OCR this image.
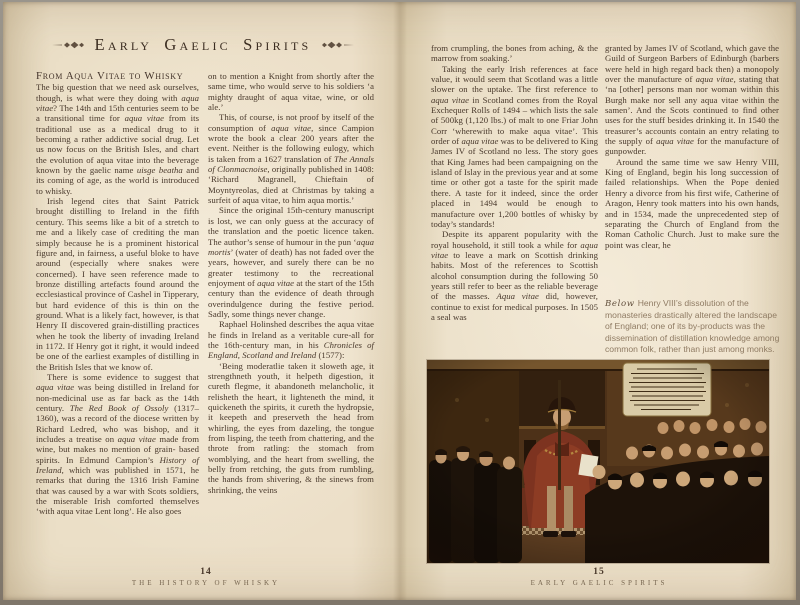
Early Gaelic Spirits
From Aqua Vitae to Whisky

The big question that we need ask ourselves, though, is what were they doing with aqua vitae? The 14th and 15th centuries seem to be a transitional time for aqua vitae from its traditional use as a medical drug to it becoming a rather addictive social drug. Let us now focus on the British Isles, and chart the evolution of aqua vitae into the beverage known by the gaelic name uisge beatha and its coming of age, as the world is introduced to whisky.

Irish legend cites that Saint Patrick brought distilling to Ireland in the fifth century. This seems like a bit of a stretch to me and a likely case of crediting the man simply because he is a prominent historical figure and, in fairness, a useful bloke to have around (especially where snakes were concerned). I have seen reference made to bronze distilling artefacts found around the ecclesiastical province of Cashel in Tipperary, but hard evidence of this is thin on the ground. What is a likely fact, however, is that Henry II discovered grain-distilling practices when he took the liberty of invading Ireland in 1172. If Henry got it right, it would indeed be one of the earliest examples of distilling in the British Isles that we know of.

There is some evidence to suggest that aqua vitae was being distilled in Ireland for non-medicinal use as far back as the 14th century. The Red Book of Ossoly (1317–1360), was a record of the diocese written by Richard Ledred, who was bishop, and it includes a treatise on aqua vitae made from wine, but makes no mention of grain- based spirits. In Edmund Campion’s History of Ireland, which was published in 1571, he remarks that during the 1316 Irish Famine that was caused by a war with Scots soldiers, the miserable Irish comforted themselves ‘with aqua vitae Lent long’. He also goes

on to mention a Knight from shortly after the same time, who would serve to his soldiers ‘a mighty draught of aqua vitae, wine, or old ale.’

This, of course, is not proof by itself of the consumption of aqua vitae, since Campion wrote the book a clear 200 years after the event. Neither is the following eulogy, which is taken from a 1627 translation of The Annals of Clonmacnoise, originally published in 1408: ‘Richard Magranell, Chieftain of Moyntyreolas, died at Christmas by taking a surfeit of aqua vitae, to him aqua mortis.’

Since the original 15th-century manuscript is lost, we can only guess at the accuracy of the translation and the poetic licence taken. The author’s sense of humour in the pun ‘aqua mortis’ (water of death) has not faded over the years, however, and surely there can be no greater testimony to the recreational enjoyment of aqua vitae at the start of the 15th century than the evidence of death through overindulgence during the festive period. Sadly, some things never change.

Raphael Holinshed describes the aqua vitae he finds in Ireland as a veritable cure-all for the 16th-century man, in his Chronicles of England, Scotland and Ireland (1577):

‘Being moderatlie taken it sloweth age, it strengthneth youth, it helpeth digestion, it cureth flegme, it abandoneth melancholic, it relisheth the heart, it lighteneth the mind, it quickeneth the spirits, it cureth the hydropsie, it keepeth and preserveth the head from whirling, the eyes from dazeling, the tongue from lisping, the teeth from chattering, and the throte from ratling: the stomach from womblying, and the heart from swelling, the belly from retching, the guts from rumbling, the hands from shivering, & the sinews from shrinking, the veins

14
THE HISTORY OF WHISKY

from crumpling, the bones from aching, & the marrow from soaking.’

Taking the early Irish references at face value, it would seem that Scotland was a little slower on the uptake. The first reference to aqua vitae in Scotland comes from the Royal Exchequer Rolls of 1494 – which lists the sale of 500kg (1,120 lbs.) of malt to one Friar John Corr ‘wherewith to make aqua vitae’. This order of aqua vitae was to be delivered to King James IV of Scotland no less. The story goes that King James had been campaigning on the island of Islay in the previous year and at some time or other got a taste for the spirit made there. A taste for it indeed, since the order placed in 1494 would be enough to manufacture over 1,200 bottles of whisky by today’s standards!

Despite its apparent popularity with the royal household, it still took a while for aqua vitae to leave a mark on Scottish drinking habits. Most of the references to Scottish alcohol consumption during the following 50 years still refer to beer as the reliable beverage of the masses. Aqua vitae did, however, continue to exist for medical purposes. In 1505 a seal was

granted by James IV of Scotland, which gave the Guild of Surgeon Barbers of Edinburgh (barbers were held in high regard back then) a monopoly over the manufacture of aqua vitae, stating that ‘na [other] persons man nor woman within this Burgh make nor sell any aqua vitae within the samen’. And the Scots continued to find other uses for the stuff besides drinking it. In 1540 the treasurer’s accounts contain an entry relating to the supply of aqua vitae for the manufacture of gunpowder.

Around the same time we saw Henry VIII, King of England, begin his long succession of failed relationships. When the Pope denied Henry a divorce from his first wife, Catherine of Aragon, Henry took matters into his own hands, and in 1534, made the unprecedented step of separating the Church of England from the Roman Catholic Church. Just to make sure the point was clear, he

Below Henry VIII’s dissolution of the monasteries drastically altered the landscape of England; one of its by-products was the dissemination of distillation knowledge among common folk, rather than just among monks.
15
EARLY GAELIC SPIRITS
